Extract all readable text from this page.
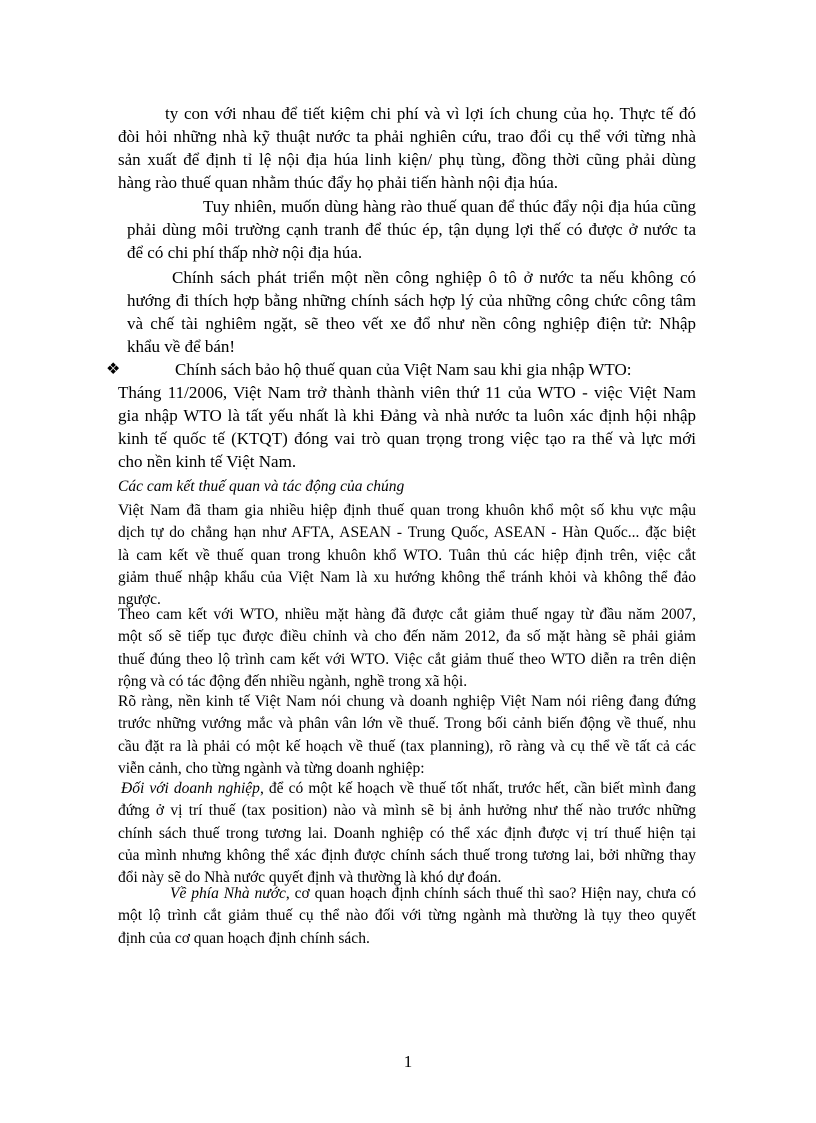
ty con với nhau để tiết kiệm chi phí và vì lợi ích chung của họ. Thực tế đó
đòi hỏi những nhà kỹ thuật nước ta phải nghiên cứu, trao đổi cụ thể với từng nhà
sản xuất để định tỉ lệ nội địa húa linh kiện/ phụ tùng, đồng thời cũng phải dùng
hàng rào thuế quan nhằm thúc đẩy họ phải tiến hành nội địa húa.
Tuy nhiên, muốn dùng hàng rào thuế quan để thúc đẩy nội địa húa cũng
phải dùng môi trường cạnh tranh để thúc ép, tận dụng lợi thế có được ở nước ta
để có chi phí thấp nhờ nội địa húa.
Chính sách phát triển một nền công nghiệp ô tô ở nước ta nếu không có
hướng đi thích hợp bằng những chính sách hợp lý của những công chức công tâm
và chế tài nghiêm ngặt, sẽ theo vết xe đổ như nền công nghiệp điện tử: Nhập
khẩu về để bán!
❖	Chính sách bảo hộ thuế quan của Việt Nam sau khi gia nhập WTO:
Tháng 11/2006, Việt Nam trở thành thành viên thứ 11 của WTO - việc Việt Nam
gia nhập WTO là tất yếu nhất là khi Đảng và nhà nước ta luôn xác định hội nhập
kinh tế quốc tế (KTQT) đóng vai trò quan trọng trong việc tạo ra thế và lực mới
cho nền kinh tế Việt Nam.
Các cam kết thuế quan và tác động của chúng
Việt Nam đã tham gia nhiều hiệp định thuế quan trong khuôn khổ một số khu vực mậu
dịch tự do chẳng hạn như AFTA, ASEAN - Trung Quốc, ASEAN - Hàn Quốc... đặc biệt
là cam kết về thuế quan trong khuôn khổ WTO. Tuân thủ các hiệp định trên, việc cắt
giảm thuế nhập khẩu của Việt Nam là xu hướng không thể tránh khỏi và không thể đảo
ngược.
Theo cam kết với WTO, nhiều mặt hàng đã được cắt giảm thuế ngay từ đầu năm 2007,
một số sẽ tiếp tục được điều chỉnh và cho đến năm 2012, đa số mặt hàng sẽ phải giảm
thuế đúng theo lộ trình cam kết với WTO. Việc cắt giảm thuế theo WTO diễn ra trên diện
rộng và có tác động đến nhiều ngành, nghề trong xã hội.
Rõ ràng, nền kinh tế Việt Nam nói chung và doanh nghiệp Việt Nam nói riêng đang đứng
trước những vướng mắc và phân vân lớn về thuế. Trong bối cảnh biến động về thuế, nhu
cầu đặt ra là phải có một kế hoạch về thuế (tax planning), rõ ràng và cụ thể về tất cả các
viễn cảnh, cho từng ngành và từng doanh nghiệp:
Đối với doanh nghiệp, để có một kế hoạch về thuế tốt nhất, trước hết, cần biết mình đang
đứng ở vị trí thuế (tax position) nào và mình sẽ bị ảnh hưởng như thế nào trước những
chính sách thuế trong tương lai. Doanh nghiệp có thể xác định được vị trí thuế hiện tại
của mình nhưng không thể xác định được chính sách thuế trong tương lai, bởi những thay
đổi này sẽ do Nhà nước quyết định và thường là khó dự đoán.
Về phía Nhà nước, cơ quan hoạch định chính sách thuế thì sao? Hiện nay, chưa có
một lộ trình cắt giảm thuế cụ thể nào đối với từng ngành mà thường là tụy theo quyết
định của cơ quan hoạch định chính sách.
1
